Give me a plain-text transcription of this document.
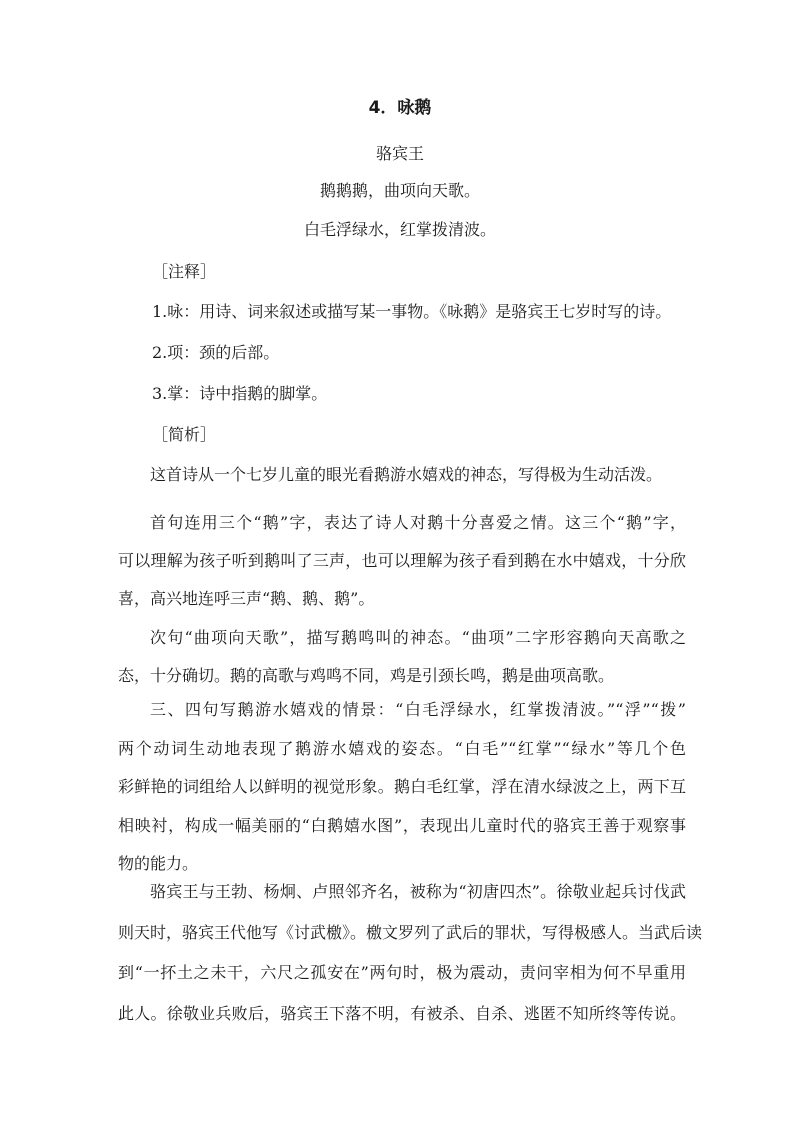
4．咏鹅
骆宾王
鹅鹅鹅，曲项向天歌。
白毛浮绿水，红掌拨清波。
［注释］
1.咏：用诗、词来叙述或描写某一事物。《咏鹅》是骆宾王七岁时写的诗。
2.项：颈的后部。
3.掌：诗中指鹅的脚掌。
［简析］
这首诗从一个七岁儿童的眼光看鹅游水嬉戏的神态，写得极为生动活泼。
首句连用三个“鹅”字，表达了诗人对鹅十分喜爱之情。这三个“鹅”字，
可以理解为孩子听到鹅叫了三声，也可以理解为孩子看到鹅在水中嬉戏，十分欣
喜，高兴地连呼三声“鹅、鹅、鹅”。
次句“曲项向天歌”，描写鹅鸣叫的神态。“曲项”二字形容鹅向天高歌之
态，十分确切。鹅的高歌与鸡鸣不同，鸡是引颈长鸣，鹅是曲项高歌。
三、四句写鹅游水嬉戏的情景：“白毛浮绿水，红掌拨清波。”“浮”“拨”
两个动词生动地表现了鹅游水嬉戏的姿态。“白毛”“红掌”“绿水”等几个色
彩鲜艳的词组给人以鲜明的视觉形象。鹅白毛红掌，浮在清水绿波之上，两下互
相映衬，构成一幅美丽的“白鹅嬉水图”，表现出儿童时代的骆宾王善于观察事
物的能力。
骆宾王与王勃、杨炯、卢照邻齐名，被称为“初唐四杰”。徐敬业起兵讨伐武
则天时，骆宾王代他写《讨武檄》。檄文罗列了武后的罪状，写得极感人。当武后读
到“一抔土之未干，六尺之孤安在”两句时，极为震动，责问宰相为何不早重用
此人。徐敬业兵败后，骆宾王下落不明，有被杀、自杀、逃匿不知所终等传说。
